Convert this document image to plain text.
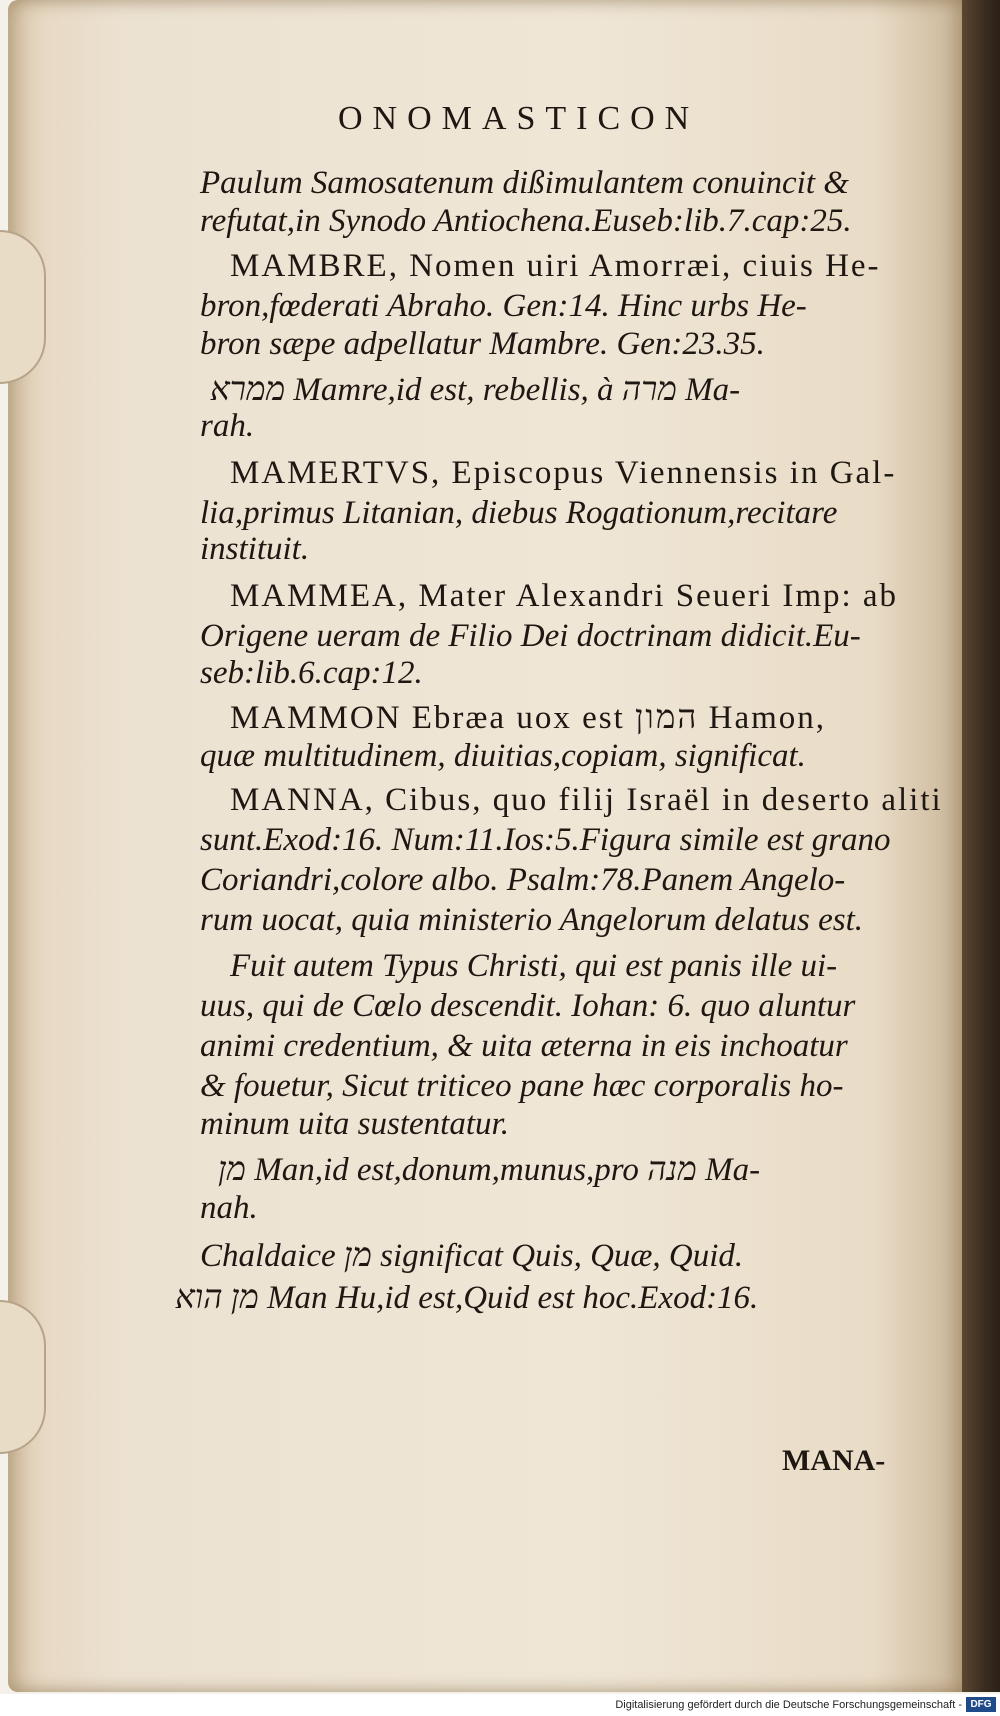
ONOMASTICON
Paulum Samosatenum dißimulantem conuincit &
refutat,in Synodo Antiochena.Euseb:lib.7.cap:25.
MAMBRE, Nomen uiri Amorræi, ciuis He-
bron,fœderati Abraho. Gen:14. Hinc urbs He-
bron sæpe adpellatur Mambre. Gen:23.35.
ממרא Mamre,id est, rebellis, à מרה Ma-
rah.
MAMERTVS, Episcopus Viennensis in Gal-
lia,primus Litanian, diebus Rogationum,recitare
instituit.
MAMMEA, Mater Alexandri Seueri Imp: ab
Origene ueram de Filio Dei doctrinam didicit.Eu-
seb:lib.6.cap:12.
MAMMON Ebræa uox est המון Hamon,
quæ multitudinem, diuitias,copiam, significat.
MANNA, Cibus, quo filij Israël in deserto aliti
sunt.Exod:16. Num:11.Ios:5.Figura simile est grano
Coriandri,colore albo. Psalm:78.Panem Angelo-
rum uocat, quia ministerio Angelorum delatus est.
Fuit autem Typus Christi, qui est panis ille ui-
uus, qui de Cœlo descendit. Iohan: 6. quo aluntur
animi credentium, & uita æterna in eis inchoatur
& fouetur, Sicut triticeo pane hæc corporalis ho-
minum uita sustentatur.
מן Man,id est,donum,munus,pro מנה Ma-
nah.
Chaldaice מן significat Quis, Quæ, Quid.
מן הוא Man Hu,id est,Quid est hoc.Exod:16.
MANA-
Digitalisierung gefördert durch die Deutsche Forschungsgemeinschaft - DFG
